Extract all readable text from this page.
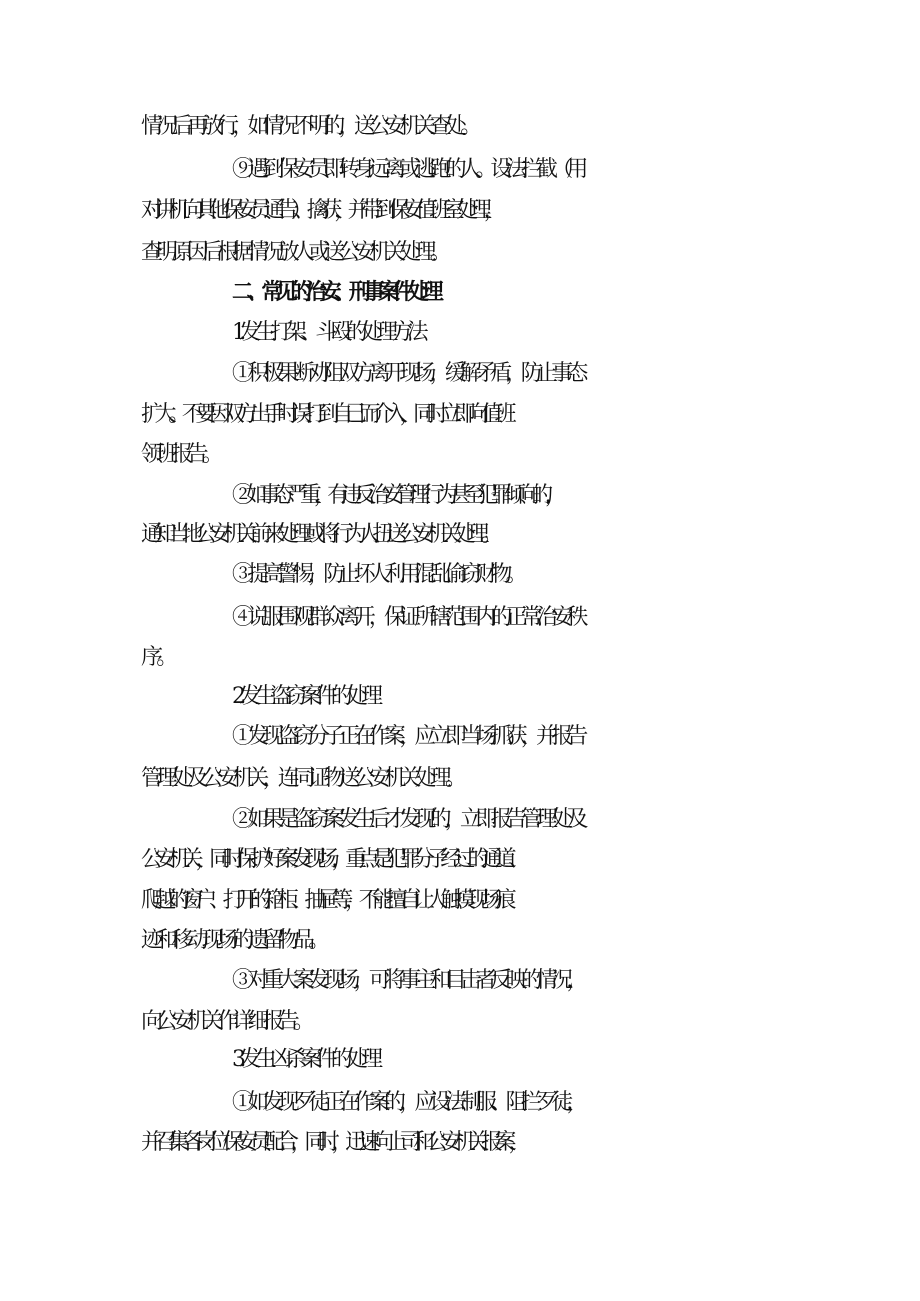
情况后再放行，如情况不明的，送公安机关查处。
⑨遇到保安员即转身远离或逃跑的人。设法拦截（用
对讲机向其他保安员通告）、擒获，并带到保安值班室处理，
查明原因后根据情况放人或送公安机关处理。
二、常见的治安、刑事案件处理
1.发生打架、斗殴的处理方法
①积极果断劝阻双方离开现场，缓解矛盾，防止事态
扩大。不要因双方出手时误打到自己而介入，同时立即向值班
领班报告。
②如事态严重，有违反治安管理行为甚至犯罪倾向的，
通知当地公安机关前来处理或将行为人扭送公安机关处理。
③提高警惕，防止坏人利用混乱偷窃财物。
④说服围观群众离开，保证所辖范围内的正常治安秩
序。
2 .发生盗窃案件的处理
①发现盗窃分子正在作案，应立即当场抓获，并报告
管理处及公安机关，连同证物送公安机关处理。
②如果是盗窃案发生后才发现的，立即报告管理处及
公安机关，同时保护好案发现场，重点是犯罪分子经过的通道、
爬越的窗户、打开的箱柜、抽屉等，不能擅自让人触摸现场痕
迹和移动现场的遗留物品。
③对重大案发现场，可将事主和目击者反映的情况，
向公安机关作详细报告。
3 .发生凶杀案件的处理
①如发现歹徒正在作案的，应设法制服、阻拦歹徒，
并召集各岗位保安员配合，同时，迅速向上司和公安机关报案，
